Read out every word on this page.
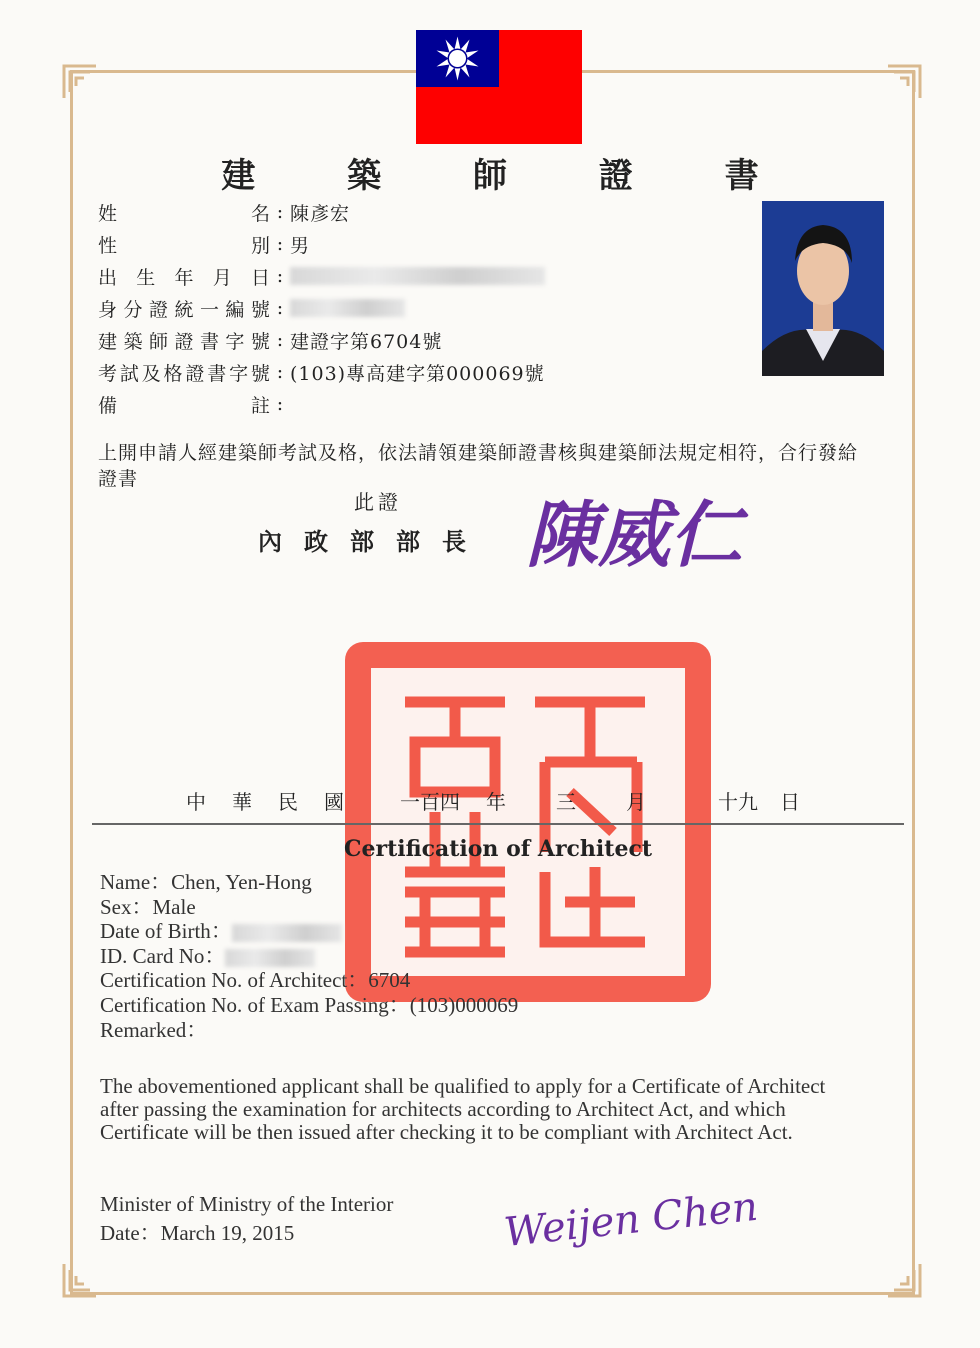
建 築 師 證 書
姓	名 : 陳彥宏
性	別 : 男
出 生 年 月 日 :
身 分 證 統 一 編 號 :
建 築 師 證 書 字 號 : 建證字第6704號
考 試 及 格 證 書 字 號 : (103)專高建字第000069號
備	註 :
上開申請人經建築師考試及格，依法請領建築師證書核與建築師法規定相符，合行發給證書
此證
內政部部長 陳威仁
中	華	民	國	一百四	年	三	月	十九	日
Certification of Architect
Name：Chen, Yen-Hong
Sex：Male
Date of Birth：
ID. Card No：
Certification No. of Architect：6704
Certification No. of Exam Passing：(103)000069
Remarked：
The abovementioned applicant shall be qualified to apply for a Certificate of Architect after passing the examination for architects according to Architect Act, and which Certificate will be then issued after checking it to be compliant with Architect Act.
Minister of Ministry of the Interior
Date：March 19, 2015	Weijen Chen
